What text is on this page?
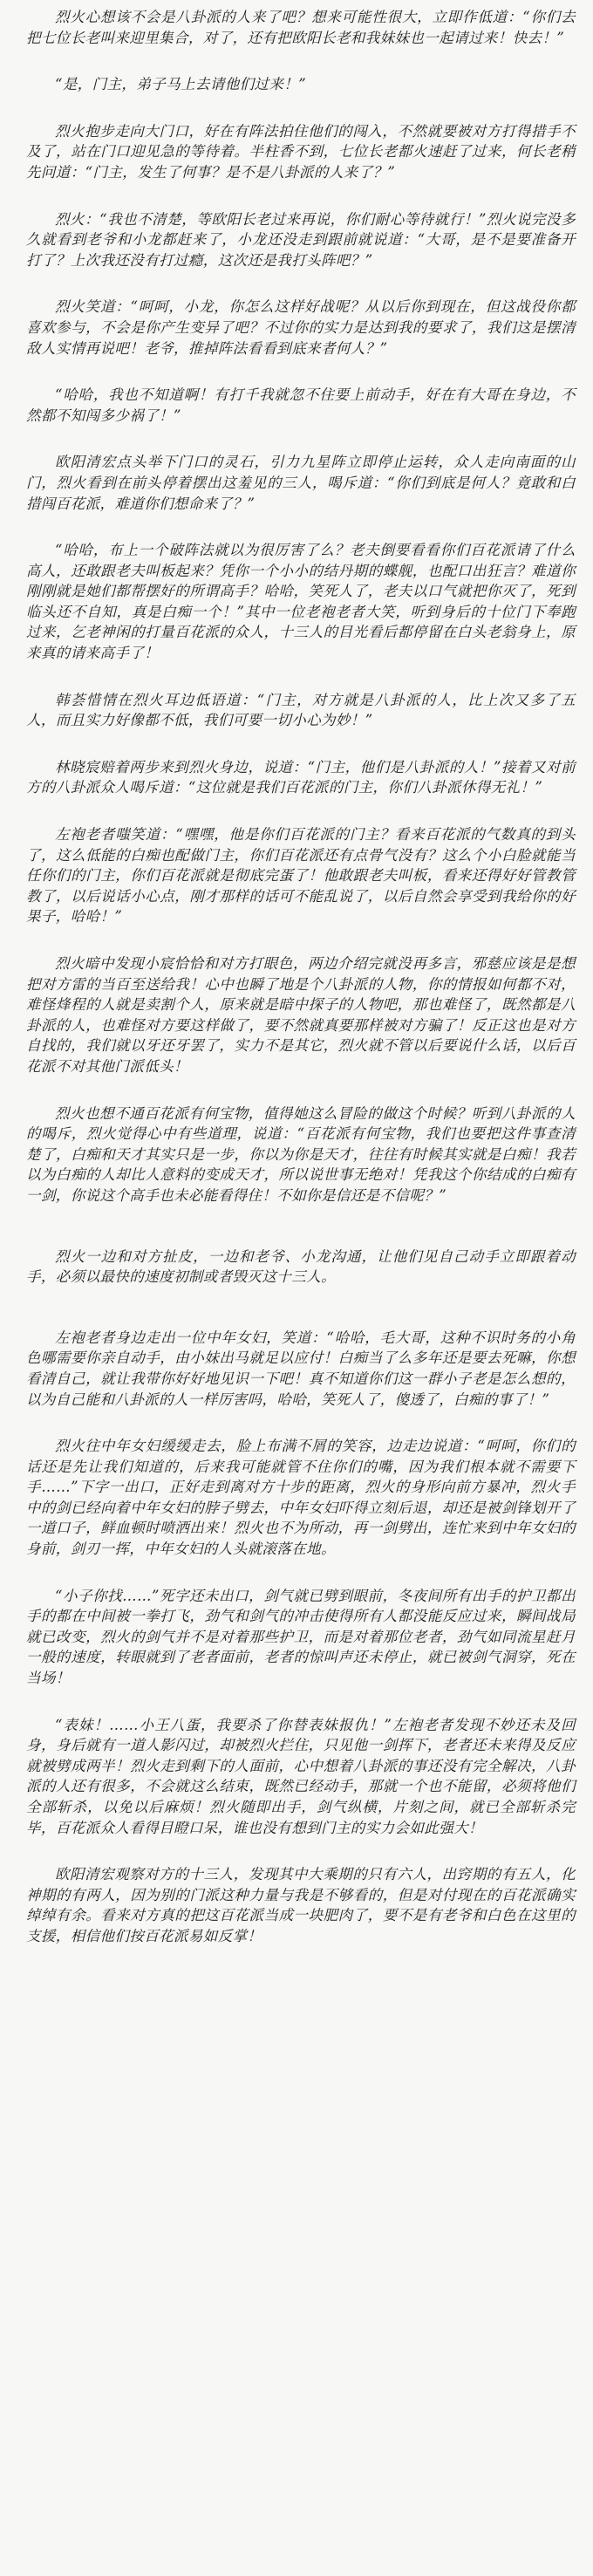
烈火心想该不会是八卦派的人来了吧？想来可能性很大，立即作低道：“你们去把七位长老叫来迎里集合，对了，还有把欧阳长老和我妹妹也一起请过来！快去！”

“是，门主，弟子马上去请他们过来！”

烈火抱步走向大门口，好在有阵法拍住他们的闯入，不然就要被对方打得措手不及了，站在门口迎见急的等待着。半柱香不到，七位长老都火速赶了过来，何长老稍先问道：“门主，发生了何事？是不是八卦派的人来了？”

烈火：“我也不清楚，等欧阳长老过来再说，你们耐心等待就行！”烈火说完没多久就看到老爷和小龙都赶来了，小龙还没走到跟前就说道：“大哥，是不是要准备开打了？上次我还没有打过瘾，这次还是我打头阵吧？”

烈火笑道：“呵呵，小龙，你怎么这样好战呢？从以后你到现在，但这战役你都喜欢参与，不会是你产生变异了吧？不过你的实力是达到我的要求了，我们这是摆清敌人实情再说吧！老爷，推掉阵法看看到底来者何人？”

“哈哈，我也不知道啊！有打千我就忽不住要上前动手，好在有大哥在身边，不然都不知闯多少祸了！”

欧阳清宏点头举下门口的灵石，引力九星阵立即停止运转，众人走向南面的山门，烈火看到在前头停着摆出这羞见的三人，喝斥道：“你们到底是何人？竟敢和白措闯百花派，难道你们想命来了？”

“哈哈，布上一个破阵法就以为很厉害了么？老夫倒要看看你们百花派请了什么高人，还敢跟老夫叫板起来？凭你一个小小的结丹期的蝶舰，也配口出狂言？难道你刚刚就是她们都帮摆好的所谓高手？哈哈，笑死人了，老夫以口气就把你灭了，死到临头还不自知，真是白痴一个！”其中一位老袍老者大笑，听到身后的十位门下奉跑过来，乞老神闲的打量百花派的众人，十三人的目光看后都停留在白头老翁身上，原来真的请来高手了！

韩荟惜情在烈火耳边低语道：“门主，对方就是八卦派的人，比上次又多了五人，而且实力好像都不低，我们可要一切小心为妙！”

林晓宸赔着两步来到烈火身边，说道：“门主，他们是八卦派的人！”接着又对前方的八卦派众人喝斥道：“这位就是我们百花派的门主，你们八卦派休得无礼！”

左袍老者嗤笑道：“嘿嘿，他是你们百花派的门主？看来百花派的气数真的到头了，这么低能的白痴也配做门主，你们百花派还有点骨气没有？这么个小白脸就能当任你们的门主，你们百花派就是彻底完蛋了！他敢跟老夫叫板，看来还得好好管教管教了，以后说话小心点，刚才那样的话可不能乱说了，以后自然会享受到我给你的好果子，哈哈！”

烈火暗中发现小宸恰恰和对方打眼色，两边介绍完就没再多言，邪慈应该是是想把对方雷的当百至送给我！心中也瞬了地是个八卦派的人物，你的情报如何都不对，难怪烽程的人就是卖割个人，原来就是暗中探子的人物吧，那也难怪了，既然都是八卦派的人，也难怪对方要这样做了，要不然就真要那样被对方骗了！反正这也是对方自找的，我们就以牙还牙罢了，实力不是其它，烈火就不管以后要说什么话，以后百花派不对其他门派低头！

烈火也想不通百花派有何宝物，值得她这么冒险的做这个时候？听到八卦派的人的喝斥，烈火觉得心中有些道理，说道：“百花派有何宝物，我们也要把这件事查清楚了，白痴和天才其实只是一步，你以为你是天才，往往有时候其实就是白痴！我若以为白痴的人却比人意料的变成天才，所以说世事无绝对！凭我这个你结成的白痴有一剑，你说这个高手也未必能看得住！不如你是信还是不信呢？”

烈火一边和对方扯皮，一边和老爷、小龙沟通，让他们见自己动手立即跟着动手，必须以最快的速度初制或者毁灭这十三人。

左袍老者身边走出一位中年女妇，笑道：“哈哈，毛大哥，这种不识时务的小角色哪需要你亲自动手，由小妹出马就足以应付！白痴当了么多年还是要去死嘛，你想看清自己，就让我带你好好地见识一下吧！真不知道你们这一群小子老是怎么想的，以为自己能和八卦派的人一样厉害吗，哈哈，笑死人了，傻透了，白痴的事了！”

烈火往中年女妇缓缓走去，脸上布满不屑的笑容，边走边说道：“呵呵，你们的话还是先让我们知道的，后来我可能就管不住你们的嘴，因为我们根本就不需要下手……”下字一出口，正好走到离对方十步的距离，烈火的身形向前方暴冲，烈火手中的剑已经向着中年女妇的脖子劈去，中年女妇吓得立刻后退，却还是被剑锋划开了一道口子，鲜血顿时喷洒出来！烈火也不为所动，再一剑劈出，连忙来到中年女妇的身前，剑刃一挥，中年女妇的人头就滚落在地。

“小子你找……”死字还未出口，剑气就已劈到眼前，冬夜间所有出手的护卫都出手的都在中间被一拳打飞，劲气和剑气的冲击使得所有人都没能反应过来，瞬间战局就已改变，烈火的剑气并不是对着那些护卫，而是对着那位老者，劲气如同流星赶月一般的速度，转眼就到了老者面前，老者的惊叫声还未停止，就已被剑气洞穿，死在当场！

“表妹！……小王八蛋，我要杀了你替表妹报仇！”左袍老者发现不妙还未及回身，身后就有一道人影闪过，却被烈火拦住，只见他一剑挥下，老者还未来得及反应就被劈成两半！烈火走到剩下的人面前，心中想着八卦派的事还没有完全解决，八卦派的人还有很多，不会就这么结束，既然已经动手，那就一个也不能留，必须将他们全部斩杀，以免以后麻烦！烈火随即出手，剑气纵横，片刻之间，就已全部斩杀完毕，百花派众人看得目瞪口呆，谁也没有想到门主的实力会如此强大！

欧阳清宏观察对方的十三人，发现其中大乘期的只有六人，出窍期的有五人，化神期的有两人，因为别的门派这种力量与我是不够看的，但是对付现在的百花派确实绰绰有余。看来对方真的把这百花派当成一块肥肉了，要不是有老爷和白色在这里的支援，相信他们按百花派易如反掌！
